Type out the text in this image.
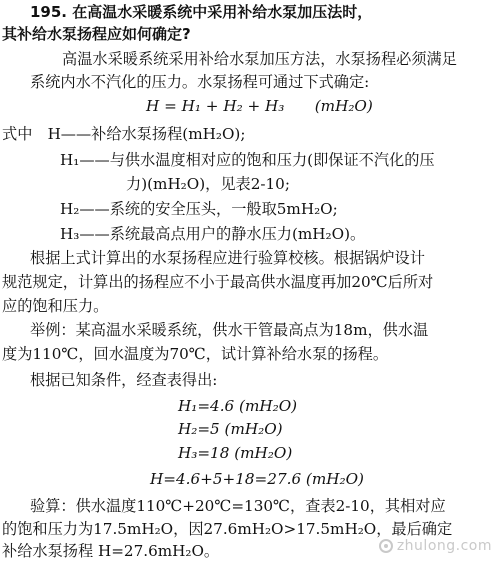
195. 在高温水采暖系统中采用补给水泵加压法时，
其补给水泵扬程应如何确定?
高温水采暖系统采用补给水泵加压方法，水泵扬程必须满足
系统内水不汽化的压力。水泵扬程可通过下式确定:
H = H₁ + H₂ + H₃　　(mH₂O)
式中　H——补给水泵扬程(mH₂O);
H₁——与供水温度相对应的饱和压力(即保证不汽化的压
力)(mH₂O)，见表2-10;
H₂——系统的安全压头，一般取5mH₂O;
H₃——系统最高点用户的静水压力(mH₂O)。
根据上式计算出的水泵扬程应进行验算校核。根据锅炉设计
规范规定，计算出的扬程应不小于最高供水温度再加20℃后所对
应的饱和压力。
举例：某高温水采暖系统，供水干管最高点为18m，供水温
度为110℃，回水温度为70℃，试计算补给水泵的扬程。
根据已知条件，经查表得出:
H₁=4.6 (mH₂O)
H₂=5 (mH₂O)
H₃=18 (mH₂O)
H=4.6+5+18=27.6 (mH₂O)
验算：供水温度110℃+20℃=130℃，查表2-10，其相对应
的饱和压力为17.5mH₂O，因27.6mH₂O>17.5mH₂O，最后确定
补给水泵扬程 H=27.6mH₂O。	zhulong.com
